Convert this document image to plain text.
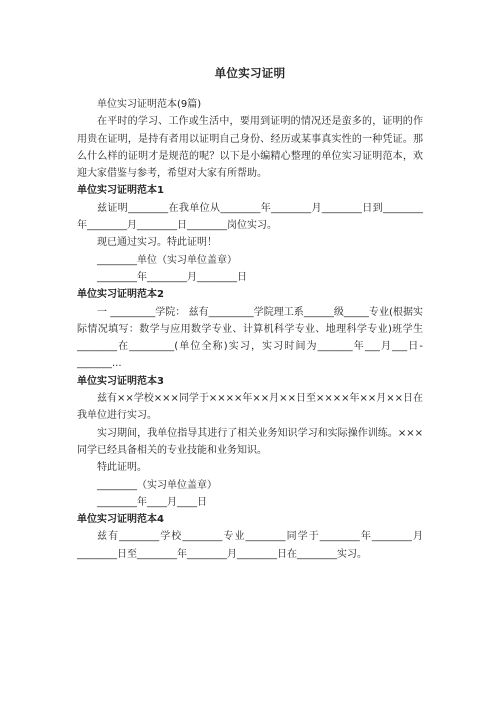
单位实习证明
单位实习证明范本(9篇)
在平时的学习、工作或生活中，要用到证明的情况还是蛮多的，证明的作用贵在证明，是持有者用以证明自己身份、经历或某事真实性的一种凭证。那么什么样的证明才是规范的呢？以下是小编精心整理的单位实习证明范本，欢迎大家借鉴与参考，希望对大家有所帮助。
单位实习证明范本1
兹证明________在我单位从________年________月________日到________年________月________日________岗位实习。
现已通过实习。特此证明！
________单位（实习单位盖章）
________年________月________日
单位实习证明范本2
一 _________学院： 兹有_________学院理工系______级_____专业(根据实际情况填写：数学与应用数学专业、计算机科学专业、地理科学专业)班学生________在_________(单位全称)实习，实习时间为_______年___月___日-_______...
单位实习证明范本3
兹有××学校×××同学于××××年××月××日至××××年××月××日在我单位进行实习。
实习期间，我单位指导其进行了相关业务知识学习和实际操作训练。×××同学已经具备相关的专业技能和业务知识。
特此证明。
________（实习单位盖章）
________年____月____日
单位实习证明范本4
兹有________学校________专业________同学于________年________月________日至________年________月________日在________实习。
